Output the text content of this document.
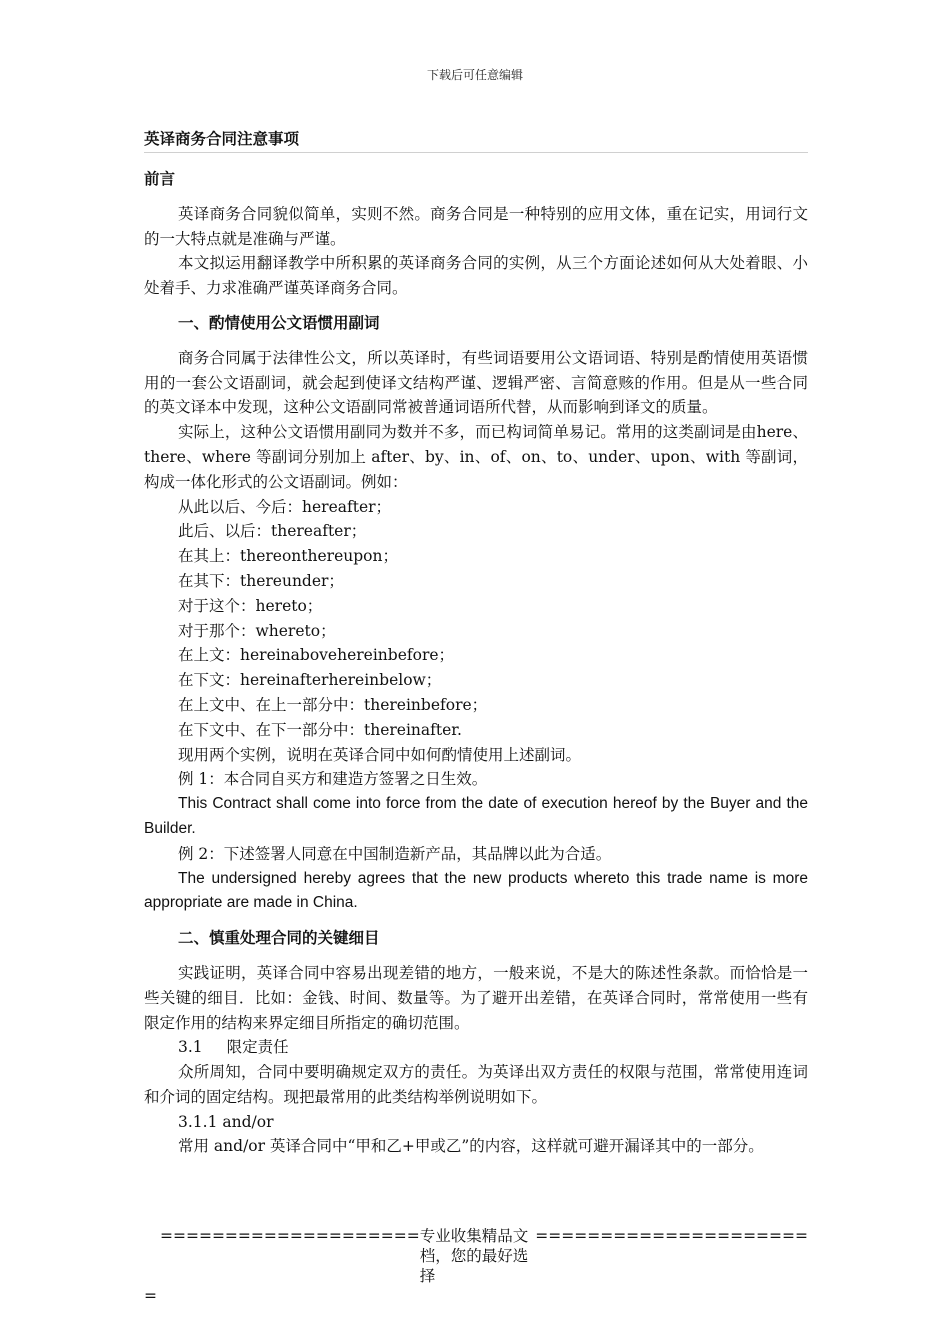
下载后可任意编辑
英译商务合同注意事项
前言

英译商务合同貌似简单，实则不然。商务合同是一种特别的应用文体，重在记实，用词行文的一大特点就是准确与严谨。

本文拟运用翻译教学中所积累的英译商务合同的实例，从三个方面论述如何从大处着眼、小处着手、力求准确严谨英译商务合同。

一、酌情使用公文语惯用副词

商务合同属于法律性公文，所以英译时，有些词语要用公文语词语、特别是酌情使用英语惯用的一套公文语副词，就会起到使译文结构严谨、逻辑严密、言简意赅的作用。但是从一些合同的英文译本中发现，这种公文语副同常被普通词语所代替，从而影响到译文的质量。

实际上，这种公文语惯用副同为数并不多，而已构词简单易记。常用的这类副词是由here、there、where 等副词分别加上 after、by、in、of、on、to、under、upon、with 等副词，构成一体化形式的公文语副词。例如：

从此以后、今后：hereafter；

此后、以后：thereafter；

在其上：thereonthereupon；

在其下：thereunder；

对于这个：hereto；

对于那个：whereto；

在上文：hereinabovehereinbefore；

在下文：hereinafterhereinbelow；

在上文中、在上一部分中：thereinbefore；

在下文中、在下一部分中：thereinafter.

现用两个实例，说明在英译合同中如何酌情使用上述副词。

例 1：本合同自买方和建造方签署之日生效。

This Contract shall come into force from the date of execution hereof by the Buyer and the Builder.

例 2：下述签署人同意在中国制造新产品，其品牌以此为合适。

The undersigned hereby agrees that the new products whereto this trade name is more appropriate are made in China.

二、慎重处理合同的关键细目

实践证明，英译合同中容易出现差错的地方，一般来说，不是大的陈述性条款。而恰恰是一些关键的细目．比如：金钱、时间、数量等。为了避开出差错，在英译合同时，常常使用一些有限定作用的结构来界定细目所指定的确切范围。

3.1 限定责任

众所周知，合同中要明确规定双方的责任。为英译出双方责任的权限与范围，常常使用连词和介词的固定结构。现把最常用的此类结构举例说明如下。

3.1.1 and/or

常用 and/or 英译合同中“甲和乙+甲或乙”的内容，这样就可避开漏译其中的一部分。

==================== 专业收集精品文档，您的最好选择
=====================
=
